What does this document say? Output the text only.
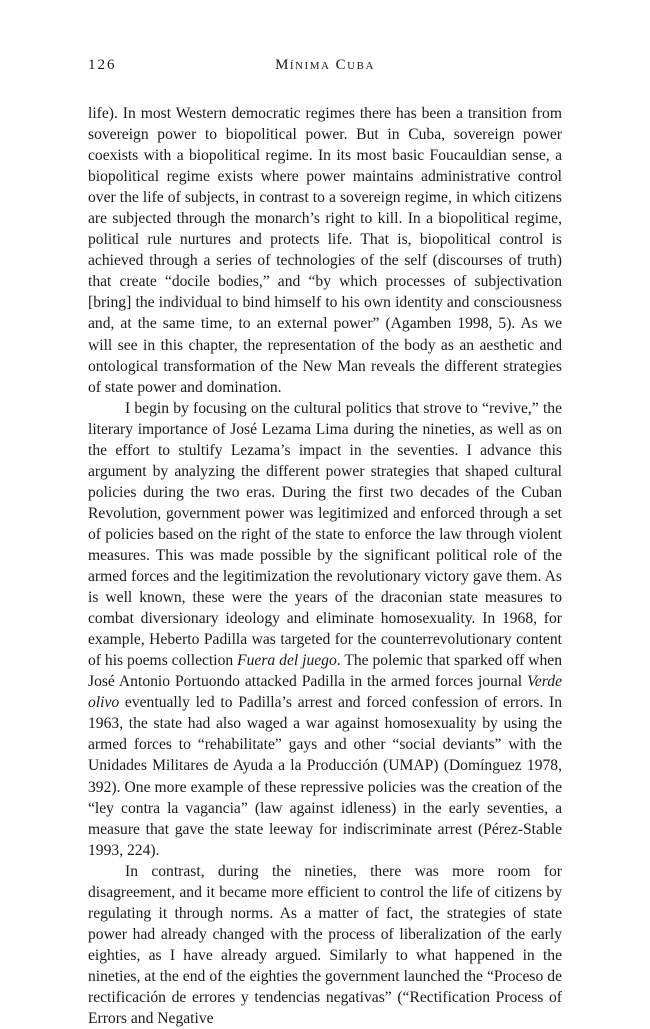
126	Mínima Cuba

life). In most Western democratic regimes there has been a transition from sovereign power to biopolitical power. But in Cuba, sovereign power coexists with a biopolitical regime. In its most basic Foucauldian sense, a biopolitical regime exists where power maintains administrative control over the life of subjects, in contrast to a sovereign regime, in which citizens are subjected through the monarch’s right to kill. In a biopolitical regime, political rule nurtures and protects life. That is, biopolitical control is achieved through a series of technologies of the self (discourses of truth) that create “docile bodies,” and “by which processes of subjectivation [bring] the individual to bind himself to his own identity and consciousness and, at the same time, to an external power” (Agamben 1998, 5). As we will see in this chapter, the representation of the body as an aesthetic and ontological transformation of the New Man reveals the different strategies of state power and domination.

I begin by focusing on the cultural politics that strove to “revive,” the literary importance of José Lezama Lima during the nineties, as well as on the effort to stultify Lezama’s impact in the seventies. I advance this argument by analyzing the different power strategies that shaped cultural policies during the two eras. During the first two decades of the Cuban Revolution, government power was legitimized and enforced through a set of policies based on the right of the state to enforce the law through violent measures. This was made possible by the significant political role of the armed forces and the legitimization the revolutionary victory gave them. As is well known, these were the years of the draconian state measures to combat diversionary ideology and eliminate homosexuality. In 1968, for example, Heberto Padilla was targeted for the counterrevolutionary content of his poems collection Fuera del juego. The polemic that sparked off when José Antonio Portuondo attacked Padilla in the armed forces journal Verde olivo eventually led to Padilla’s arrest and forced confession of errors. In 1963, the state had also waged a war against homosexuality by using the armed forces to “rehabilitate” gays and other “social deviants” with the Unidades Militares de Ayuda a la Producción (UMAP) (Domínguez 1978, 392). One more example of these repressive policies was the creation of the “ley contra la vagancia” (law against idleness) in the early seventies, a measure that gave the state leeway for indiscriminate arrest (Pérez-Stable 1993, 224).

In contrast, during the nineties, there was more room for disagreement, and it became more efficient to control the life of citizens by regulating it through norms. As a matter of fact, the strategies of state power had already changed with the process of liberalization of the early eighties, as I have already argued. Similarly to what happened in the nineties, at the end of the eighties the government launched the “Proceso de rectificación de errores y tendencias negativas” (“Rectification Process of Errors and Negative
